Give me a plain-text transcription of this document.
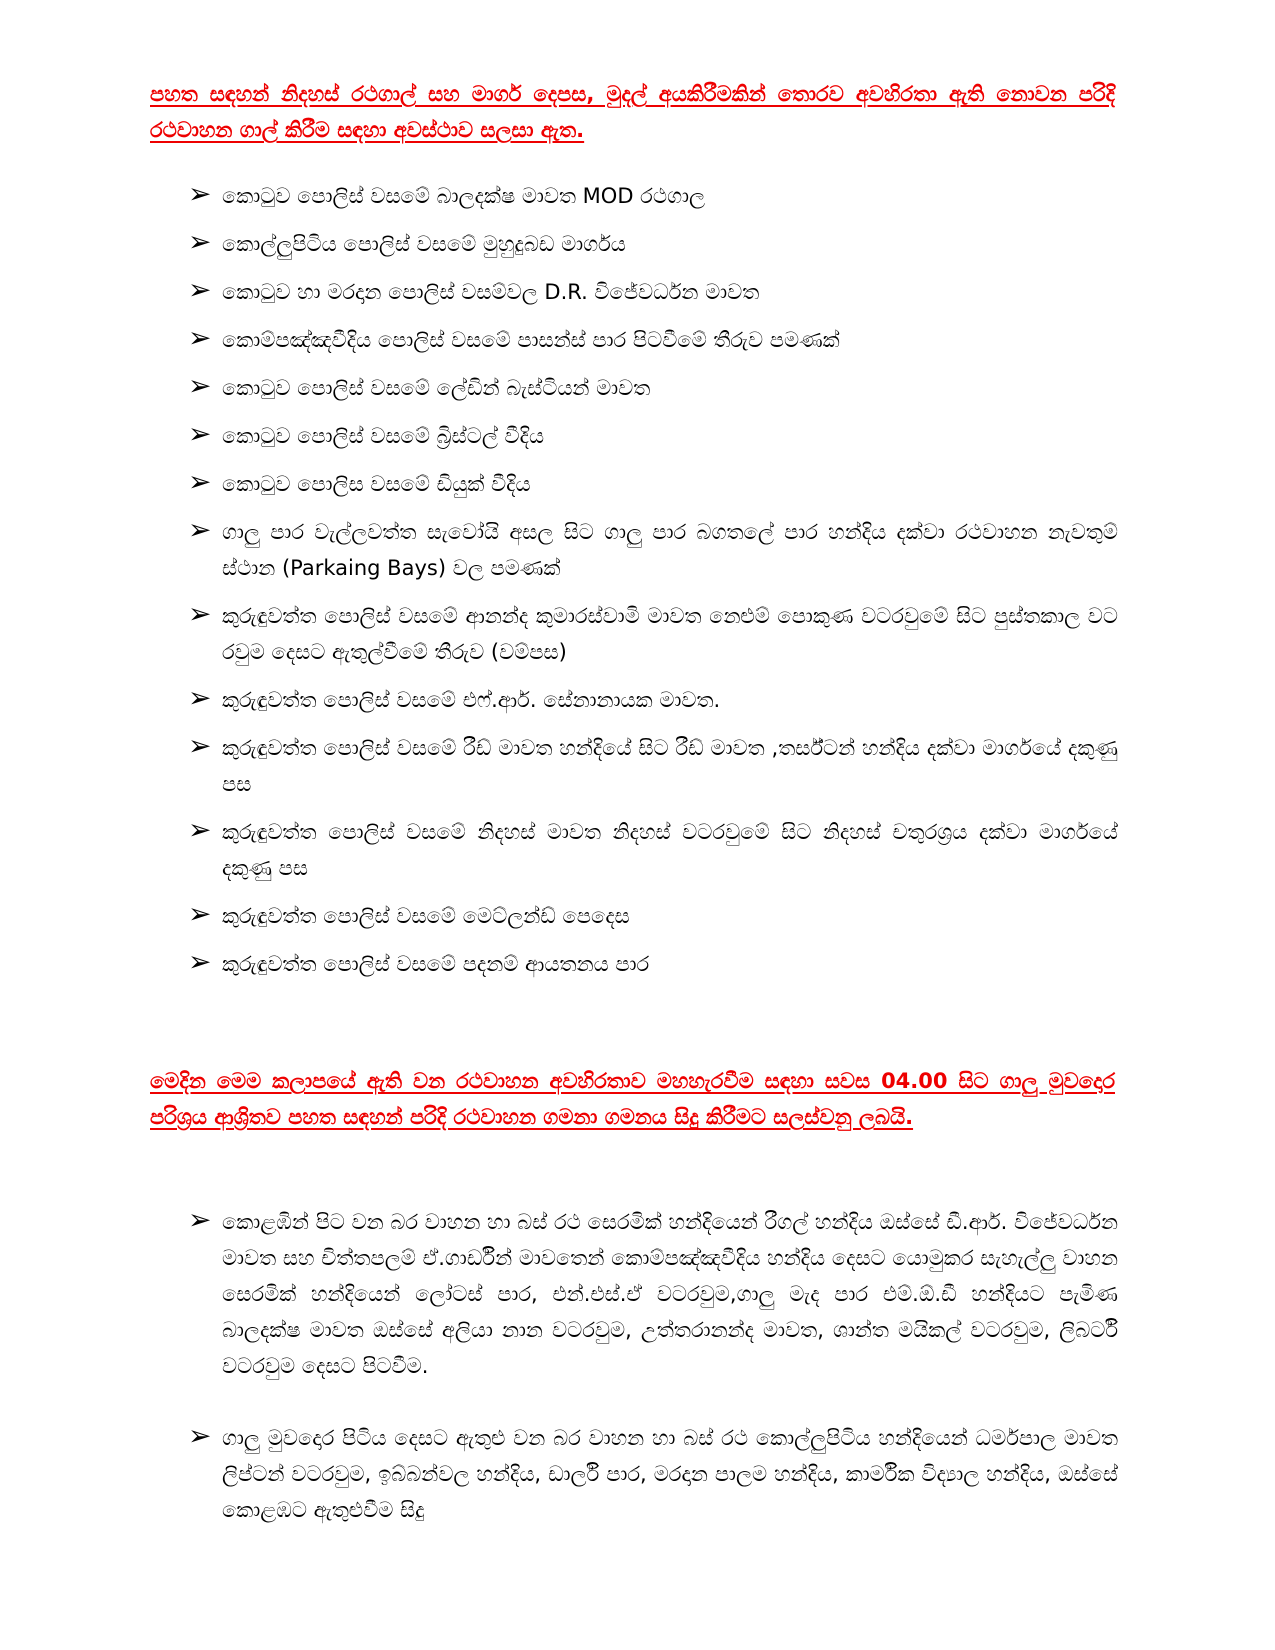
පහත සඳහන් නිදහස් රථගාල් සහ මාර්ග දෙපස, මුදල් අයකිරීමකින් තොරව අවහිරතා ඇති නොවන පරිදි රථවාහන ගාල් කිරීම සඳහා අවස්ථාව සලසා ඇත.
➢ කොටුව පොලිස් වසමේ බාලදක්ෂ මාවත MOD රථගාල
➢ කොල්ලුපිටිය පොලිස් වසමේ මුහුදුබඩ මාර්ගය
➢ කොටුව හා මරදාන පොලිස් වසම්වල D.R. විජේවර්ධන මාවත
➢ කොම්පඤ්ඤවීදිය පොලිස් වසමේ පාසන්ස් පාර පිටවීමේ තීරුව පමණක්
➢ කොටුව පොලිස් වසමේ ලේඩින් බැස්ටියන් මාවත
➢ කොටුව පොලිස් වසමේ බ්‍රිස්ටල් වීදිය
➢ කොටුව පොලිස වසමේ ඩියුක් වීදිය
➢ ගාලු පාර වැල්ලවත්ත සැවෝයි අසල සිට ගාලු පාර බගතලේ පාර හන්දිය දක්වා රථවාහන නැවතුම් ස්ථාන (Parkaing Bays) වල පමණක්
➢ කුරුඳුවත්ත පොලිස් වසමේ ආනන්ද කුමාරස්වාමි මාවත නෙළුම් පොකුණ වටරවුමේ සිට පුස්තකාල වට රවුම දෙසට ඇතුල්වීමේ තීරුව (වම්පස)
➢ කුරුඳුවත්ත පොලිස් වසමේ එෆ්.ආර්. සේනානායක මාවත.
➢ කුරුඳුවත්ත පොලිස් වසමේ රීඩ් මාවත හන්දියේ සිට රීඩ් මාවත ,තර්ස්ටන් හන්දිය දක්වා මාර්ගයේ දකුණු පස
➢ කුරුඳුවත්ත පොලිස් වසමේ නිදහස් මාවත නිදහස් වටරවුමේ සිට නිදහස් චතුරශ්‍රය දක්වා මාර්ගයේ දකුණු පස
➢ කුරුඳුවත්ත පොලිස් වසමේ මෙට්ලන්ඩ් පෙදෙස
➢ කුරුඳුවත්ත පොලිස් වසමේ පදනම් ආයතනය පාර
මෙදින මෙම කලාපයේ ඇති වන රථවාහන අවහිරතාව මහහැරවීම සඳහා සවස 04.00 සිට ගාලු මුවදොර පරිශ්‍රය ආශ්‍රිතව පහත සඳහන් පරිදි රථවාහන ගමනා ගමනය සිදු කිරීමට සලස්වනු ලබයි.
➢ කොළඹින් පිට වන බර වාහන හා බස් රථ සෙරමික් හන්දියෙන් රීගල් හන්දිය ඔස්සේ ඩී.ආර්. විජේවර්ධන මාවත සහ චිත්තපලම් ඒ.ගාර්ඩින් මාවතෙන් කොම්පඤ්ඤවීදිය හන්දිය දෙසට යොමුකර සැහැල්ලු වාහන සෙරමික් හන්දියෙන් ලෝටස් පාර, එන්.එස්.ඒ වටරවුම,ගාලු මැද පාර එම්.ඕ.ඩී හන්දියට පැමිණ බාලදක්ෂ මාවත ඔස්සේ අලියා නාන වටරවුම, උත්තරානන්ද මාවත, ශාන්ත මයිකල් වටරවුම, ලිබර්ටි වටරවුම දෙසට පිටවීම.
➢ ගාලු මුවදොර පිටිය දෙසට ඇතුළු වන බර වාහන හා බස් රථ කොල්ලුපිටිය හන්දියෙන් ධර්මපාල මාවත ලිප්ටන් වටරවුම, ඉබ්බන්වල හන්දිය, ඩාර්ලි පාර, මරදාන පාලම හන්දිය, කාර්මික විද්‍යාල හන්දිය, ඔස්සේ කොළඹට ඇතුළුවීම සිදු
